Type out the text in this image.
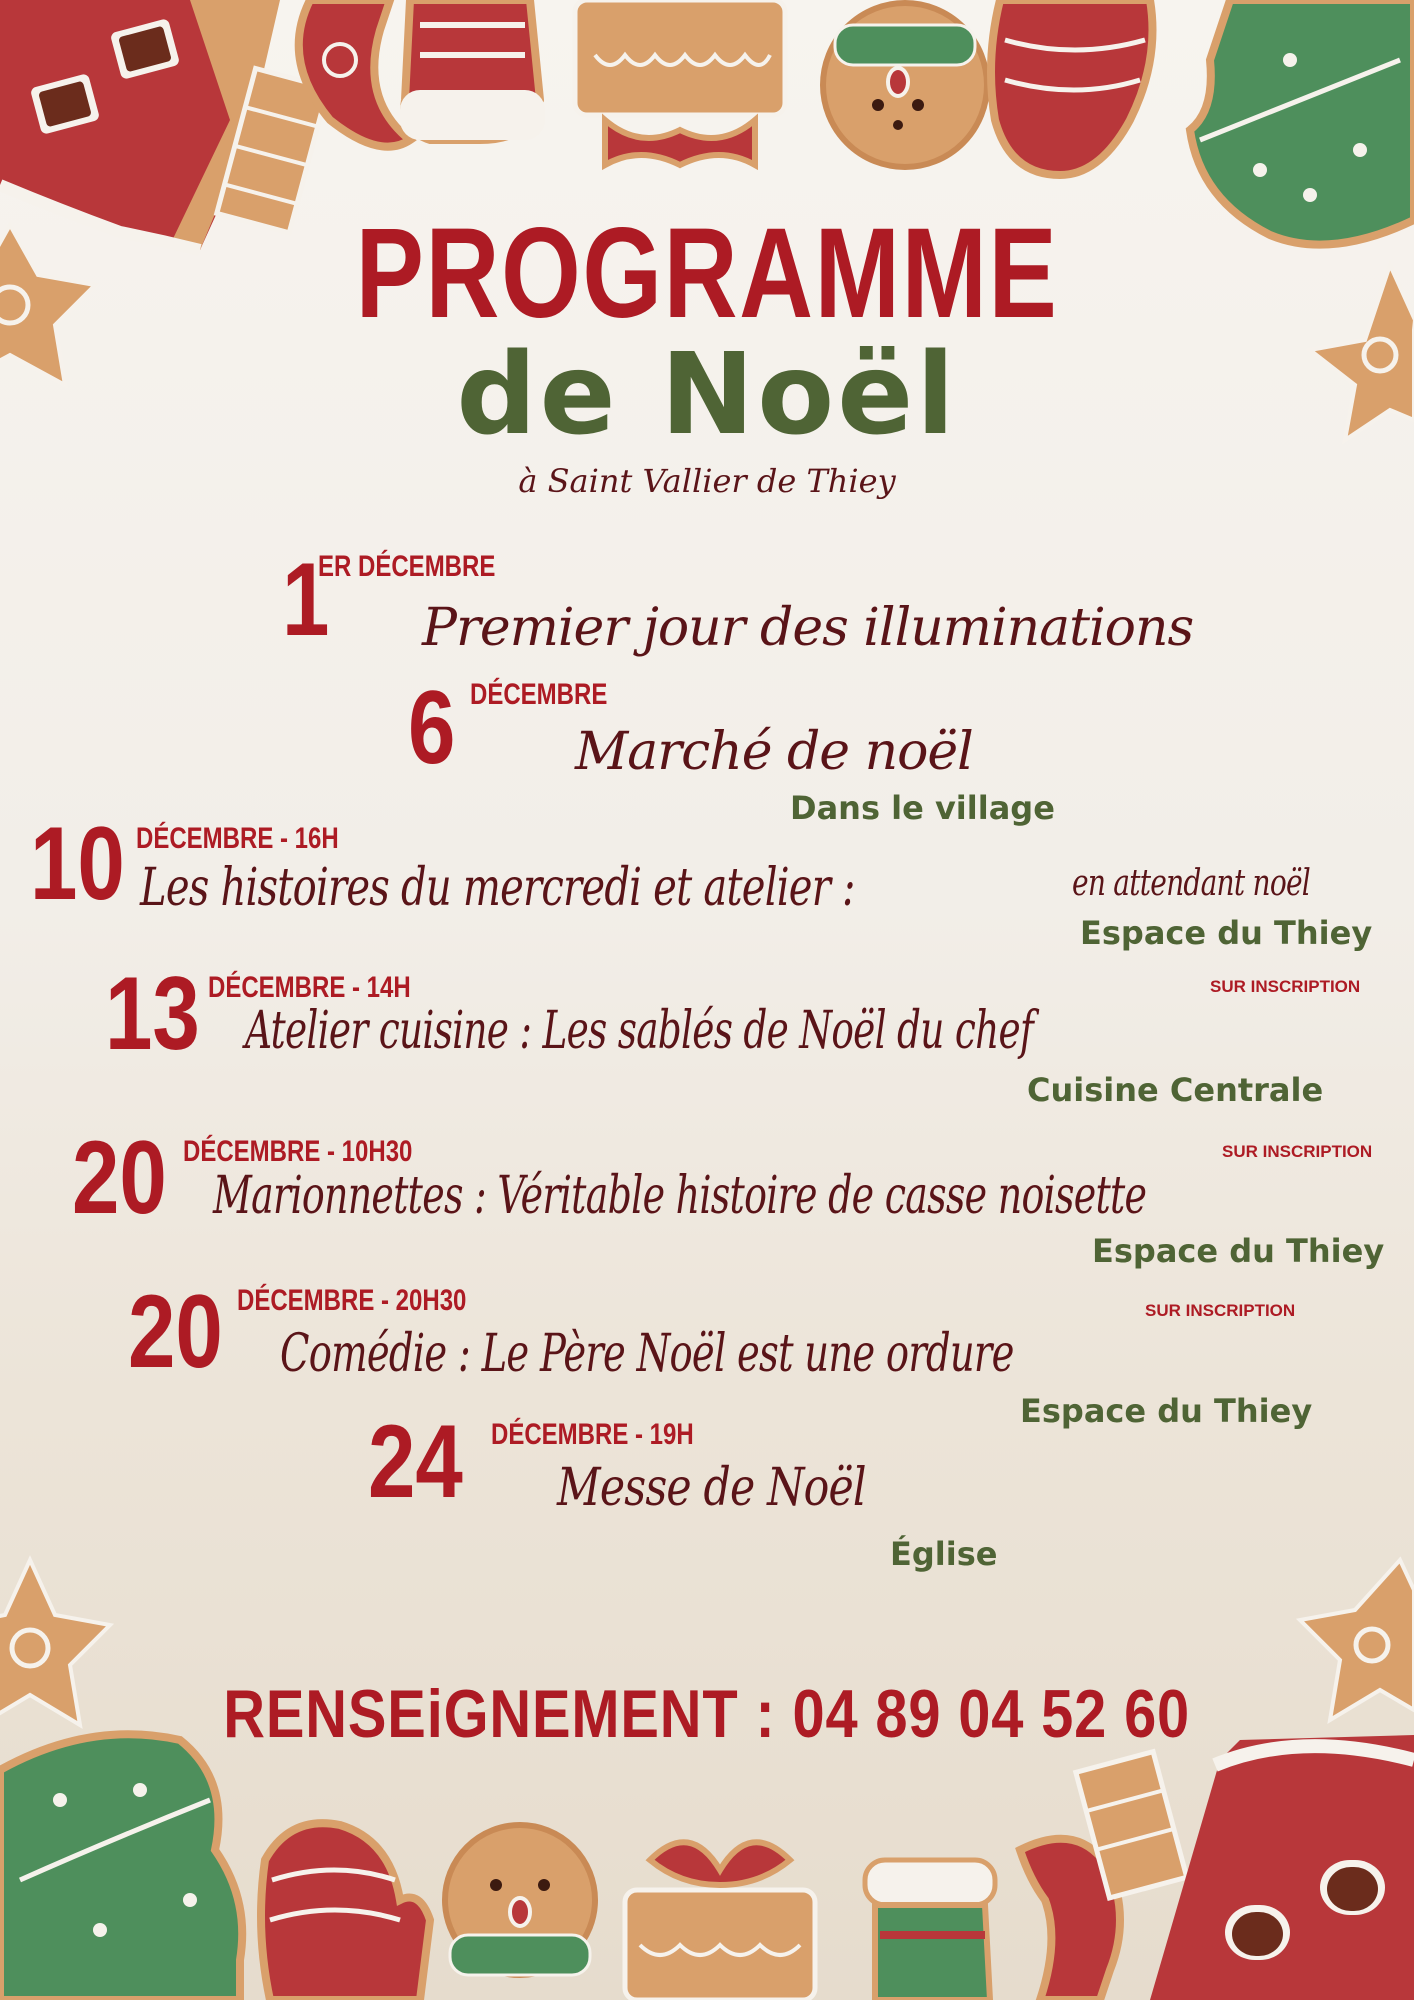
PROGRAMME
de Noël
à Saint Vallier de Thiey
1
ER DÉCEMBRE
Premier jour des illuminations
6 DÉCEMBRE
Marché de noël
Dans le village
10 DÉCEMBRE - 16H
Les histoires du mercredi et atelier :	en attendant noël
Espace du Thiey
13 DÉCEMBRE - 14H	SUR INSCRIPTION
Atelier cuisine : Les sablés de Noël du chef
Cuisine Centrale
20 DÉCEMBRE - 10H30	SUR INSCRIPTION
Marionnettes : Véritable histoire de casse noisette
Espace du Thiey
20 DÉCEMBRE - 20H30	SUR INSCRIPTION
Comédie : Le Père Noël est une ordure
Espace du Thiey
24 DÉCEMBRE - 19H
Messe de Noël
Église
RENSEiGNEMENT : 04 89 04 52 60
